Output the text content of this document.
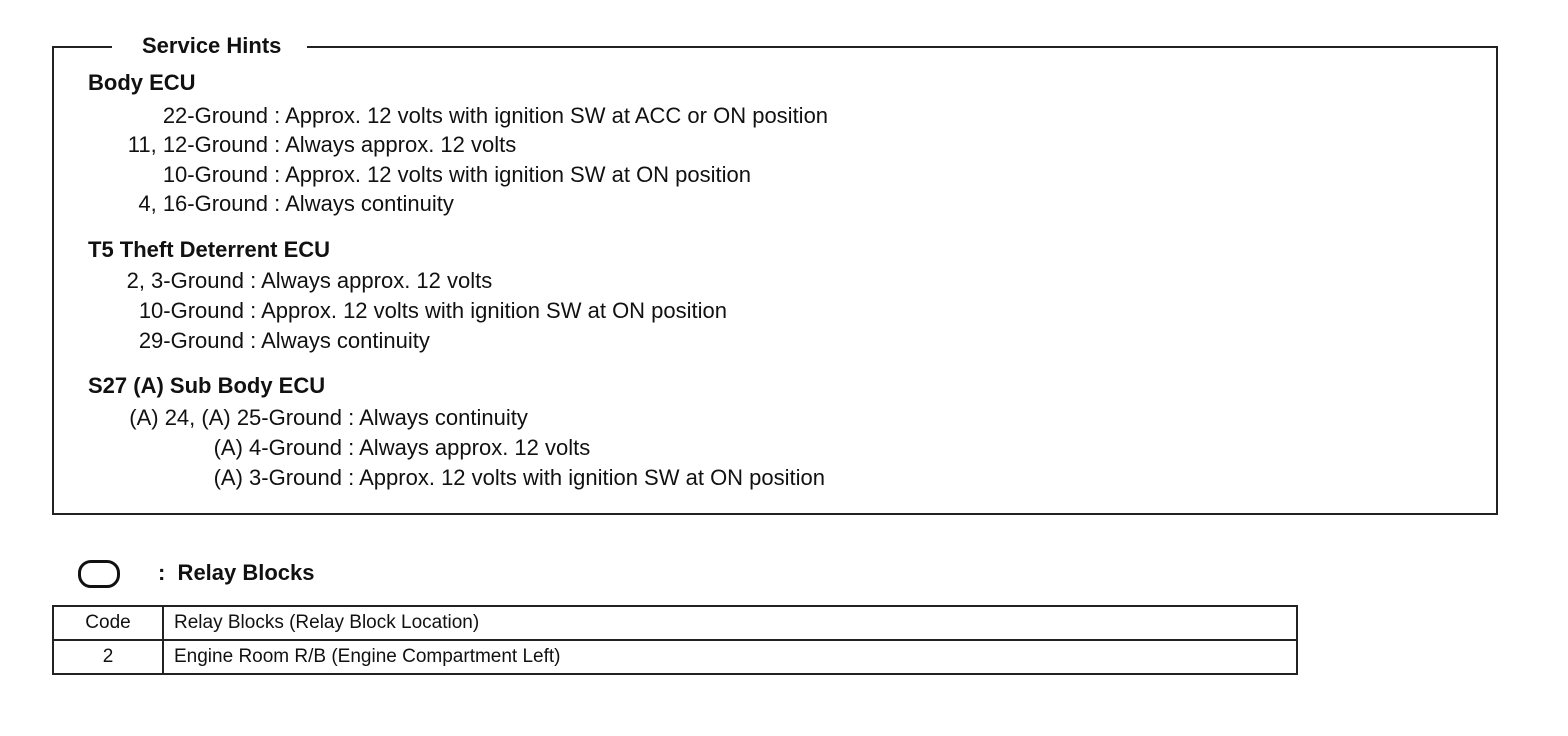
Service Hints
Body ECU
22-Ground : Approx. 12 volts with ignition SW at ACC or ON position
11, 12-Ground : Always approx. 12 volts
10-Ground : Approx. 12 volts with ignition SW at ON position
4, 16-Ground : Always continuity
T5 Theft Deterrent ECU
2, 3-Ground : Always approx. 12 volts
10-Ground : Approx. 12 volts with ignition SW at ON position
29-Ground : Always continuity
S27 (A) Sub Body ECU
(A) 24, (A) 25-Ground : Always continuity
(A) 4-Ground : Always approx. 12 volts
(A) 3-Ground : Approx. 12 volts with ignition SW at ON position
:  Relay Blocks
Code	Relay Blocks (Relay Block Location)
2	Engine Room R/B (Engine Compartment Left)
